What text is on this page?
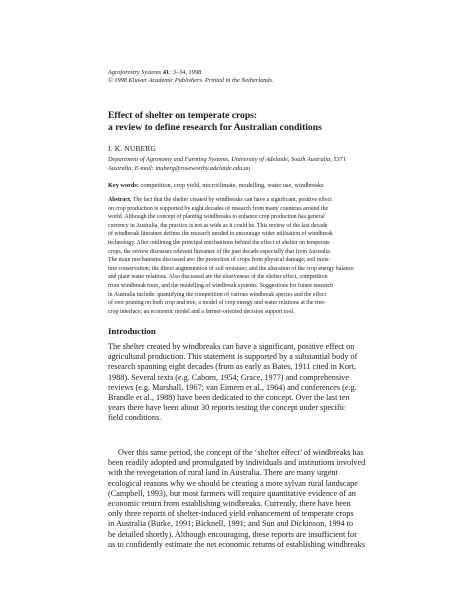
Agroforestry Systems 41: 3–34, 1998.
© 1998 Kluwer Academic Publishers. Printed in the Netherlands.
Effect of shelter on temperate crops:
a review to define research for Australian conditions
I. K. NUBERG
Department of Agronomy and Farming Systems, University of Adelaide, South Australia, 5371
Australia, E-mail: inuberg@roseworthy.adelaide.edu.au
Key words: competition, crop yield, microclimate, modelling, water use, windbreaks
Abstract. The fact that the shelter created by windbreaks can have a significant, positive effect
on crop production is supported by eight decades of research from many countries around the
world. Although the concept of planting windbreaks to enhance crop production has general
currency in Australia, the practice is not as wide as it could be. This review of the last decade
of windbreak literature defines the research needed to encourage wider utilisation of windbreak
technology. After outlining the principal mechanisms behind the effect of shelter on temperate
crops, the review discusses relevant literature of the past decade especially that from Australia.
The main mechanisms discussed are: the protection of crops from physical damage; soil mois-
ture conservation; the direct augmentation of soil moisture; and the alteration of the crop energy balance
and plant water relations. Also discussed are the elusiveness of the shelter effect, competition
from windbreak trees, and the modelling of windbreak systems. Suggestions for future research
in Australia include: quantifying the competition of various windbreak species and the effect
of root pruning on both crop and tree; a model of crop energy and water relations at the tree-
crop interface; an economic model and a farmer-oriented decision support tool.
Introduction
The shelter created by windbreaks can have a significant, positive effect on
agricultural production. This statement is supported by a substantial body of
research spanning eight decades (from as early as Bates, 1911 cited in Kort,
1988). Several texts (e.g. Caborn, 1954; Grace, 1977) and comprehensive
reviews (e.g. Marshall, 1967; van Eimern et al., 1964) and conferences (e.g.
Brandle et al., 1988) have been dedicated to the concept. Over the last ten
years there have been about 30 reports testing the concept under specific
field conditions.
Over this same period, the concept of the ‘shelter effect’ of windbreaks has
been readily adopted and promulgated by individuals and institutions involved
with the revegetation of rural land in Australia. There are many urgent
ecological reasons why we should be creating a more sylvan rural landscape
(Campbell, 1993), but most farmers will require quantitative evidence of an
economic return from establishing windbreaks. Currently, there have been
only three reports of shelter-induced yield enhancement of temperate crops
in Australia (Burke, 1991; Bicknell, 1991; and Sun and Dickinson, 1994 to
be detailed shortly). Although encouraging, these reports are insufficient for
us to confidently estimate the net economic returns of establishing windbreaks
